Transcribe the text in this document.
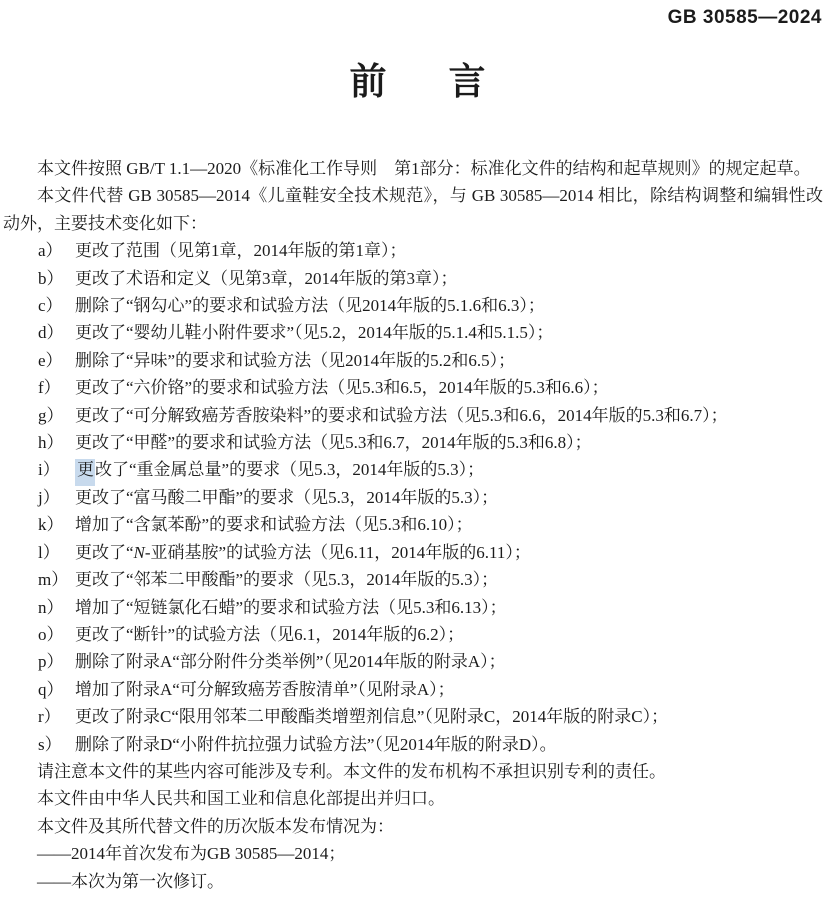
GB 30585—2024
前 言

本文件按照 GB/T 1.1—2020《标准化工作导则　第1部分：标准化文件的结构和起草规则》的规定起草。

本文件代替 GB 30585—2014《儿童鞋安全技术规范》，与 GB 30585—2014 相比，除结构调整和编辑性改动外，主要技术变化如下：

a） 更改了范围（见第1章，2014年版的第1章）；
b） 更改了术语和定义（见第3章，2014年版的第3章）；
c） 删除了“钢勾心”的要求和试验方法（见2014年版的5.1.6和6.3）；
d） 更改了“婴幼儿鞋小附件要求”（见5.2，2014年版的5.1.4和5.1.5）；
e） 删除了“异味”的要求和试验方法（见2014年版的5.2和6.5）；
f） 更改了“六价铬”的要求和试验方法（见5.3和6.5，2014年版的5.3和6.6）；
g） 更改了“可分解致癌芳香胺染料”的要求和试验方法（见5.3和6.6，2014年版的5.3和6.7）；
h） 更改了“甲醛”的要求和试验方法（见5.3和6.7，2014年版的5.3和6.8）；
i）	更改了“重金属总量”的要求（见5.3，2014年版的5.3）；
j） 更改了“富马酸二甲酯”的要求（见5.3，2014年版的5.3）；
k） 增加了“含氯苯酚”的要求和试验方法（见5.3和6.10）；
l） 更改了“N-亚硝基胺”的试验方法（见6.11，2014年版的6.11）；
m） 更改了“邻苯二甲酸酯”的要求（见5.3，2014年版的5.3）；
n） 增加了“短链氯化石蜡”的要求和试验方法（见5.3和6.13）；
o） 更改了“断针”的试验方法（见6.1，2014年版的6.2）；
p） 删除了附录A“部分附件分类举例”（见2014年版的附录A）；
q） 增加了附录A“可分解致癌芳香胺清单”（见附录A）；
r） 更改了附录C“限用邻苯二甲酸酯类增塑剂信息”（见附录C，2014年版的附录C）；
s） 删除了附录D“小附件抗拉强力试验方法”（见2014年版的附录D）。

请注意本文件的某些内容可能涉及专利。本文件的发布机构不承担识别专利的责任。

本文件由中华人民共和国工业和信息化部提出并归口。

本文件及其所代替文件的历次版本发布情况为：

——2014年首次发布为GB 30585—2014；

——本次为第一次修订。
